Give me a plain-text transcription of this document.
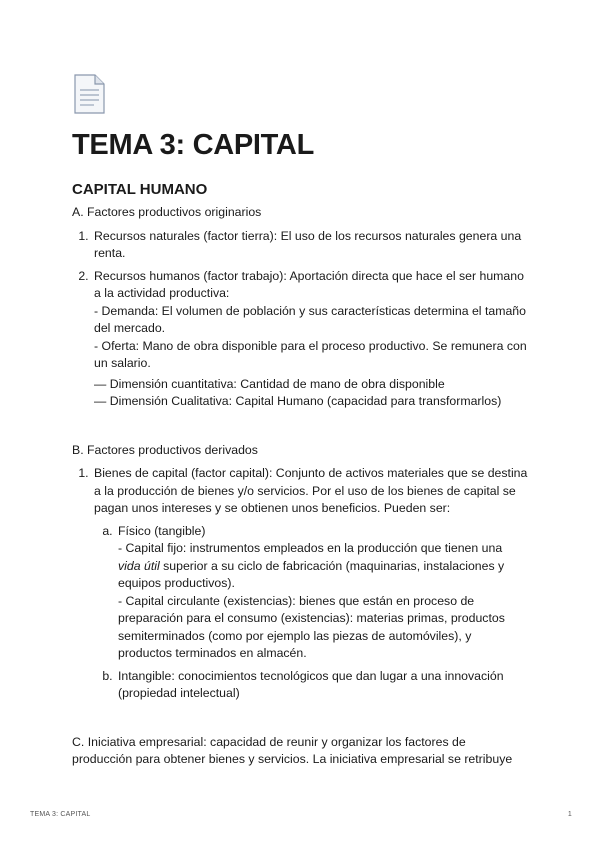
TEMA 3: CAPITAL
CAPITAL HUMANO

A. Factores productivos originarios

1. Recursos naturales (factor tierra): El uso de los recursos naturales genera una renta.
2. Recursos humanos (factor trabajo): Aportación directa que hace el ser humano a la actividad productiva:
- Demanda: El volumen de población y sus características determina el tamaño del mercado.
- Oferta: Mano de obra disponible para el proceso productivo. Se remunera con un salario.
— Dimensión cuantitativa: Cantidad de mano de obra disponible
— Dimensión Cualitativa: Capital Humano (capacidad para transformarlos)

B. Factores productivos derivados

1. Bienes de capital (factor capital): Conjunto de activos materiales que se destina a la producción de bienes y/o servicios. Por el uso de los bienes de capital se pagan unos intereses y se obtienen unos beneficios. Pueden ser:
a. Físico (tangible)
- Capital fijo: instrumentos empleados en la producción que tienen una vida útil superior a su ciclo de fabricación (maquinarias, instalaciones y equipos productivos).
- Capital circulante (existencias): bienes que están en proceso de preparación para el consumo (existencias): materias primas, productos semiterminados (como por ejemplo las piezas de automóviles), y productos terminados en almacén.
b. Intangible: conocimientos tecnológicos que dan lugar a una innovación (propiedad intelectual)

C. Iniciativa empresarial: capacidad de reunir y organizar los factores de producción para obtener bienes y servicios. La iniciativa empresarial se retribuye

TEMA 3: CAPITAL	1
